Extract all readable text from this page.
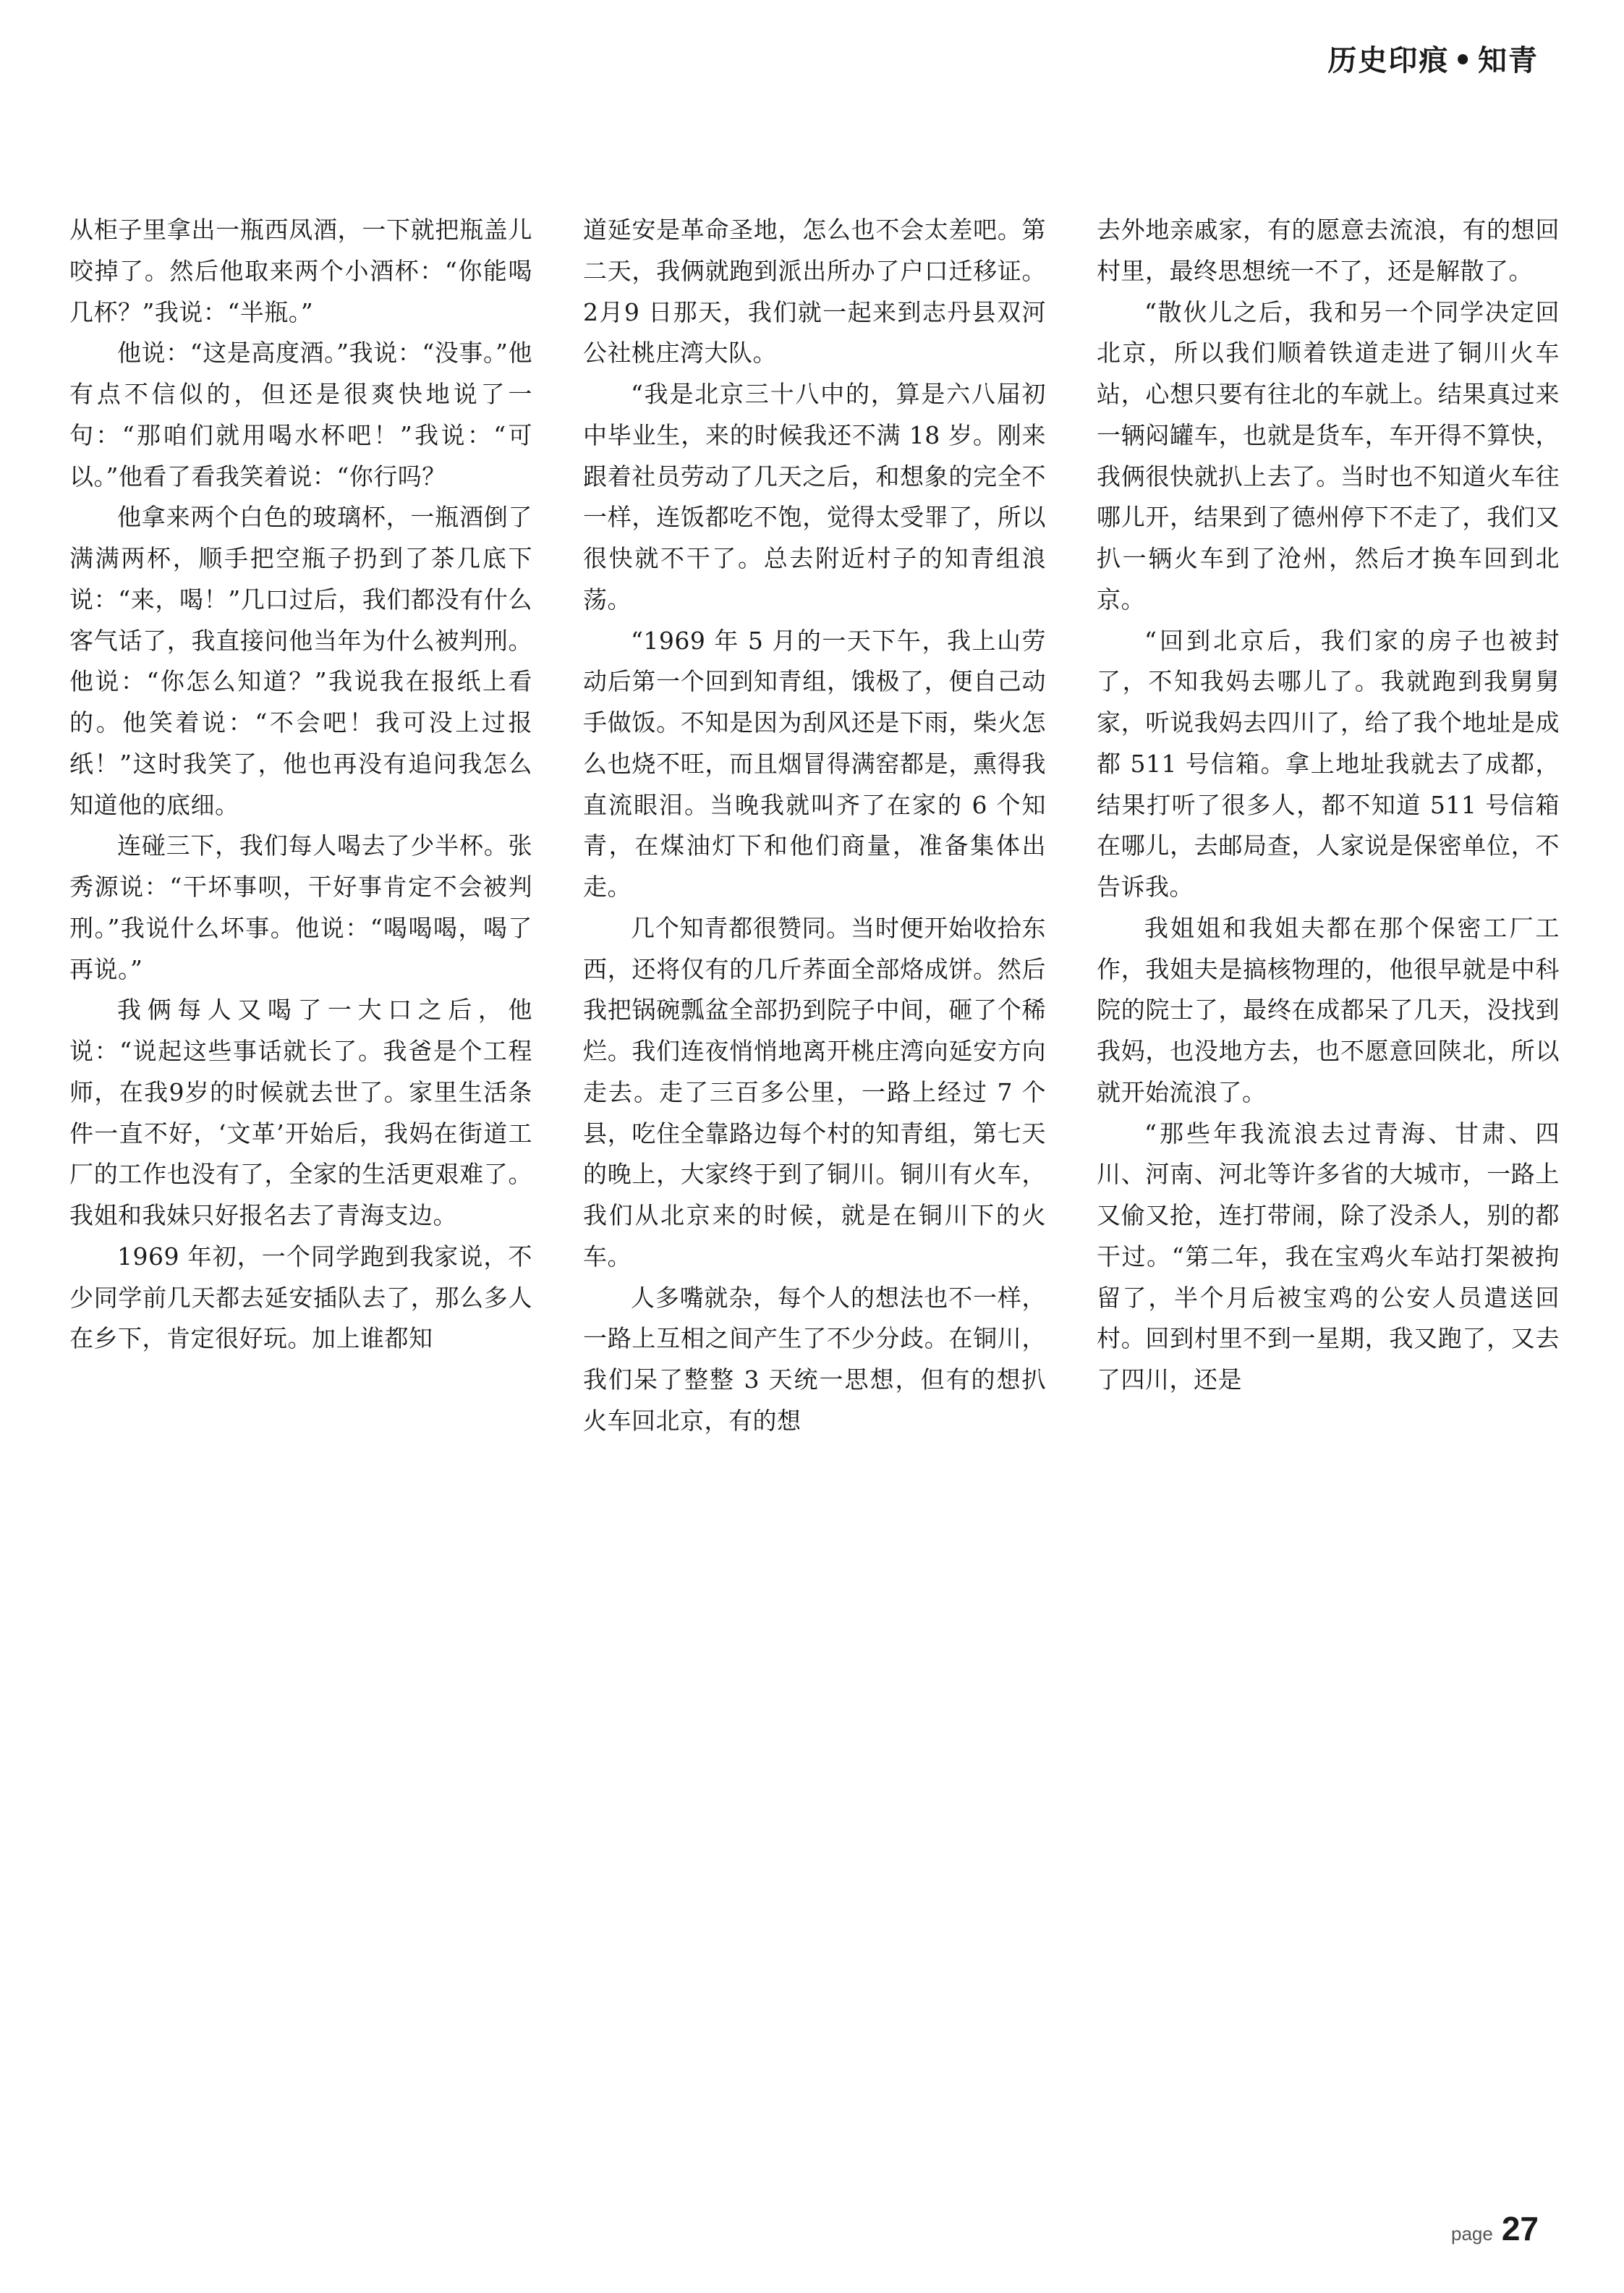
历史印痕 • 知青

从柜子里拿出一瓶西凤酒，一下就把瓶盖儿咬掉了。然后他取来两个小酒杯：“你能喝几杯？”我说：“半瓶。”

他说：“这是高度酒。”我说：“没事。”他有点不信似的，但还是很爽快地说了一句：“那咱们就用喝水杯吧！”我说：“可以。”他看了看我笑着说：“你行吗？

他拿来两个白色的玻璃杯，一瓶酒倒了满满两杯，顺手把空瓶子扔到了茶几底下说：“来，喝！”几口过后，我们都没有什么客气话了，我直接问他当年为什么被判刑。他说：“你怎么知道？”我说我在报纸上看的。他笑着说：“不会吧！我可没上过报纸！”这时我笑了，他也再没有追问我怎么知道他的底细。

连碰三下，我们每人喝去了少半杯。张秀源说：“干坏事呗，干好事肯定不会被判刑。”我说什么坏事。他说：“喝喝喝，喝了再说。”

我俩每人又喝了一大口之后，他说：“说起这些事话就长了。我爸是个工程师，在我9岁的时候就去世了。家里生活条件一直不好，‘文革’开始后，我妈在街道工厂的工作也没有了，全家的生活更艰难了。我姐和我妹只好报名去了青海支边。

1969 年初，一个同学跑到我家说，不少同学前几天都去延安插队去了，那么多人在乡下，肯定很好玩。加上谁都知

道延安是革命圣地，怎么也不会太差吧。第二天，我俩就跑到派出所办了户口迁移证。2月9 日那天，我们就一起来到志丹县双河公社桃庄湾大队。

“我是北京三十八中的，算是六八届初中毕业生，来的时候我还不满 18 岁。刚来跟着社员劳动了几天之后，和想象的完全不一样，连饭都吃不饱，觉得太受罪了，所以很快就不干了。总去附近村子的知青组浪荡。

“1969 年 5 月的一天下午，我上山劳动后第一个回到知青组，饿极了，便自己动手做饭。不知是因为刮风还是下雨，柴火怎么也烧不旺，而且烟冒得满窑都是，熏得我直流眼泪。当晚我就叫齐了在家的 6 个知青，在煤油灯下和他们商量，准备集体出走。

几个知青都很赞同。当时便开始收拾东西，还将仅有的几斤荞面全部烙成饼。然后我把锅碗瓢盆全部扔到院子中间，砸了个稀烂。我们连夜悄悄地离开桃庄湾向延安方向走去。走了三百多公里，一路上经过 7 个县，吃住全靠路边每个村的知青组，第七天的晚上，大家终于到了铜川。铜川有火车，我们从北京来的时候，就是在铜川下的火车。

人多嘴就杂，每个人的想法也不一样，一路上互相之间产生了不少分歧。在铜川，我们呆了整整 3 天统一思想，但有的想扒火车回北京，有的想

去外地亲戚家，有的愿意去流浪，有的想回村里，最终思想统一不了，还是解散了。

“散伙儿之后，我和另一个同学决定回北京，所以我们顺着铁道走进了铜川火车站，心想只要有往北的车就上。结果真过来一辆闷罐车，也就是货车，车开得不算快，我俩很快就扒上去了。当时也不知道火车往哪儿开，结果到了德州停下不走了，我们又扒一辆火车到了沧州，然后才换车回到北京。

“回到北京后，我们家的房子也被封了，不知我妈去哪儿了。我就跑到我舅舅家，听说我妈去四川了，给了我个地址是成都 511 号信箱。拿上地址我就去了成都，结果打听了很多人，都不知道 511 号信箱在哪儿，去邮局查，人家说是保密单位，不告诉我。

我姐姐和我姐夫都在那个保密工厂工作，我姐夫是搞核物理的，他很早就是中科院的院士了，最终在成都呆了几天，没找到我妈，也没地方去，也不愿意回陕北，所以就开始流浪了。

“那些年我流浪去过青海、甘肃、四川、河南、河北等许多省的大城市，一路上又偷又抢，连打带闹，除了没杀人，别的都干过。“第二年，我在宝鸡火车站打架被拘留了，半个月后被宝鸡的公安人员遣送回村。回到村里不到一星期，我又跑了，又去了四川，还是

page 27
